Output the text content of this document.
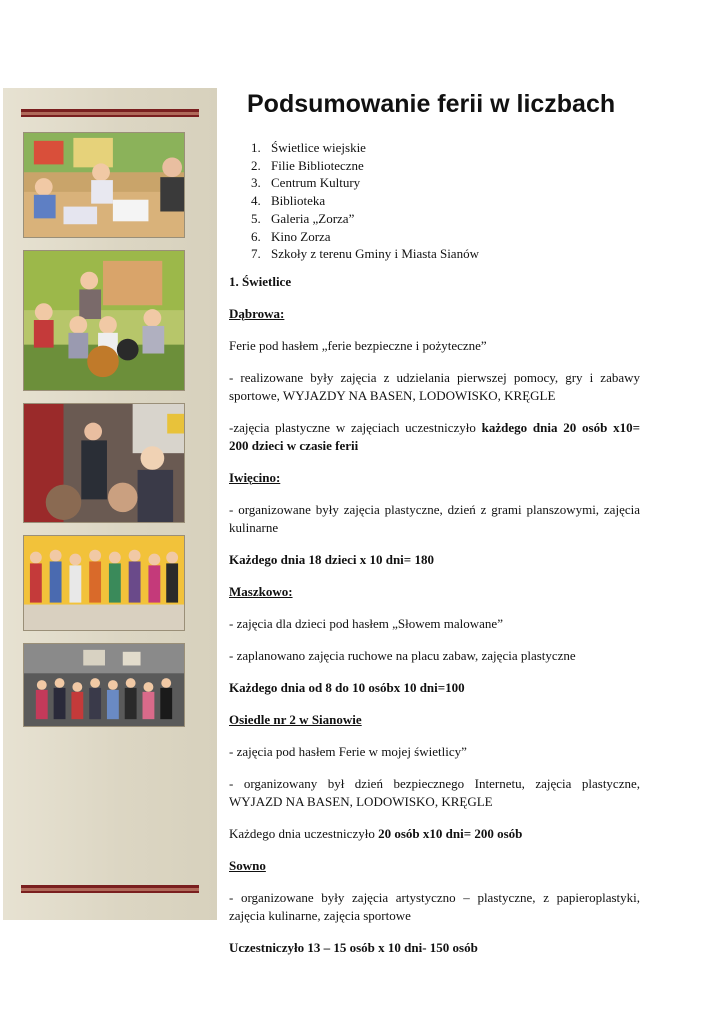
Podsumowanie ferii w liczbach
1. Świetlice wiejskie
2. Filie Biblioteczne
3. Centrum Kultury
4. Biblioteka
5. Galeria „Zorza”
6. Kino Zorza
7. Szkoły z terenu Gminy i Miasta Sianów

1. Świetlice

Dąbrowa:

Ferie pod hasłem „ferie bezpieczne i pożyteczne”

- realizowane były zajęcia z udzielania pierwszej pomocy, gry i zabawy sportowe, WYJAZDY NA BASEN, LODOWISKO, KRĘGLE

-zajęcia plastyczne w zajęciach uczestniczyło każdego dnia 20 osób x10= 200 dzieci w czasie ferii

Iwięcino:

- organizowane były zajęcia plastyczne, dzień z grami planszowymi, zajęcia kulinarne

Każdego dnia 18 dzieci x 10 dni= 180

Maszkowo:

- zajęcia dla dzieci pod hasłem „Słowem malowane”

- zaplanowano zajęcia ruchowe na placu zabaw, zajęcia plastyczne

Każdego dnia od 8 do 10 osóbx 10 dni=100

Osiedle nr 2 w Sianowie

- zajęcia pod hasłem Ferie w mojej świetlicy”

- organizowany był dzień bezpiecznego Internetu, zajęcia plastyczne, WYJAZD NA BASEN, LODOWISKO, KRĘGLE

Każdego dnia uczestniczyło 20 osób x10 dni= 200 osób

Sowno

- organizowane były zajęcia artystyczno – plastyczne, z papieroplastyki, zajęcia kulinarne, zajęcia sportowe

Uczestniczyło 13 – 15 osób x 10 dni- 150 osób
